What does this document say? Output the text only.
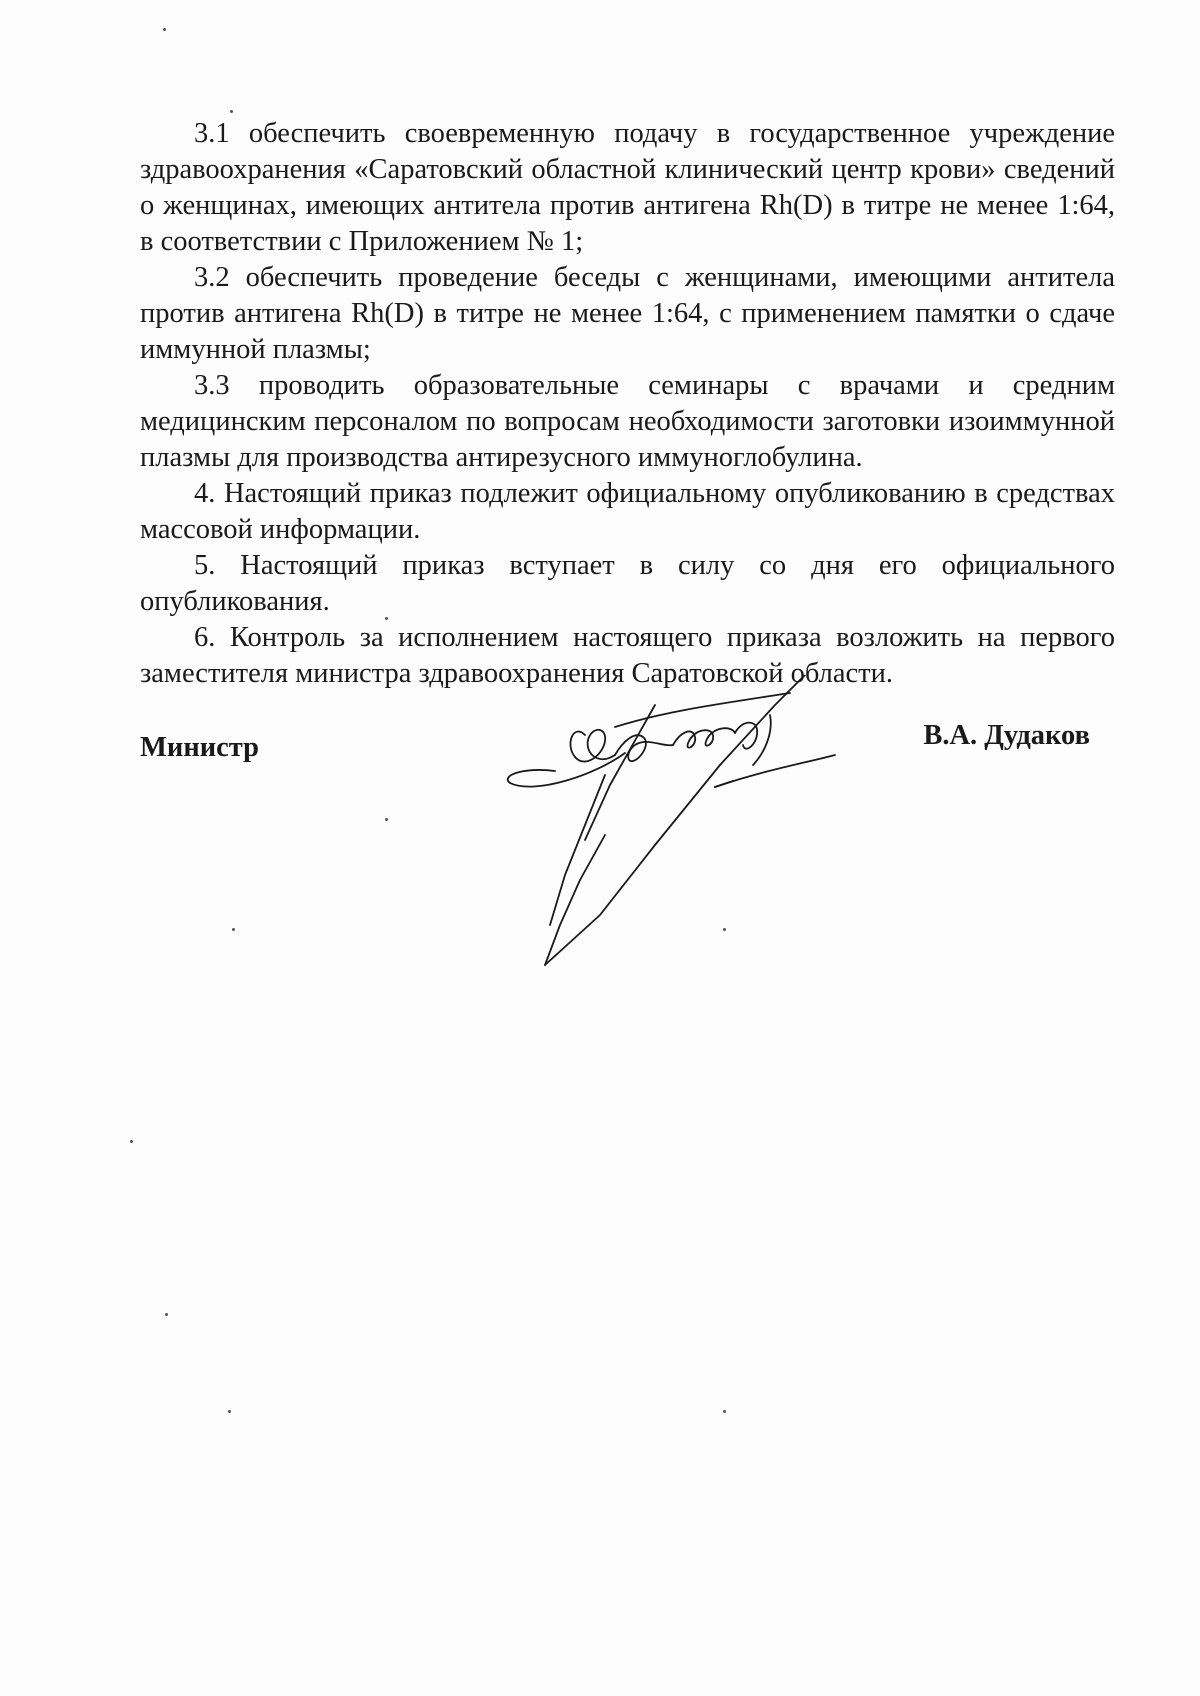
3.1 обеспечить своевременную подачу в государственное учреждение здравоохранения «Саратовский областной клинический центр крови» сведений о женщинах, имеющих антитела против антигена Rh(D) в титре не менее 1:64, в соответствии с Приложением № 1;

3.2 обеспечить проведение беседы с женщинами, имеющими антитела против антигена Rh(D) в титре не менее 1:64, с применением памятки о сдаче иммунной плазмы;

3.3 проводить образовательные семинары с врачами и средним медицинским персоналом по вопросам необходимости заготовки изоиммунной плазмы для производства антирезусного иммуноглобулина.

4. Настоящий приказ подлежит официальному опубликованию в средствах массовой информации.

5. Настоящий приказ вступает в силу со дня его официального опубликования.

6. Контроль за исполнением настоящего приказа возложить на первого заместителя министра здравоохранения Саратовской области.

Министр	В.А. Дудаков
